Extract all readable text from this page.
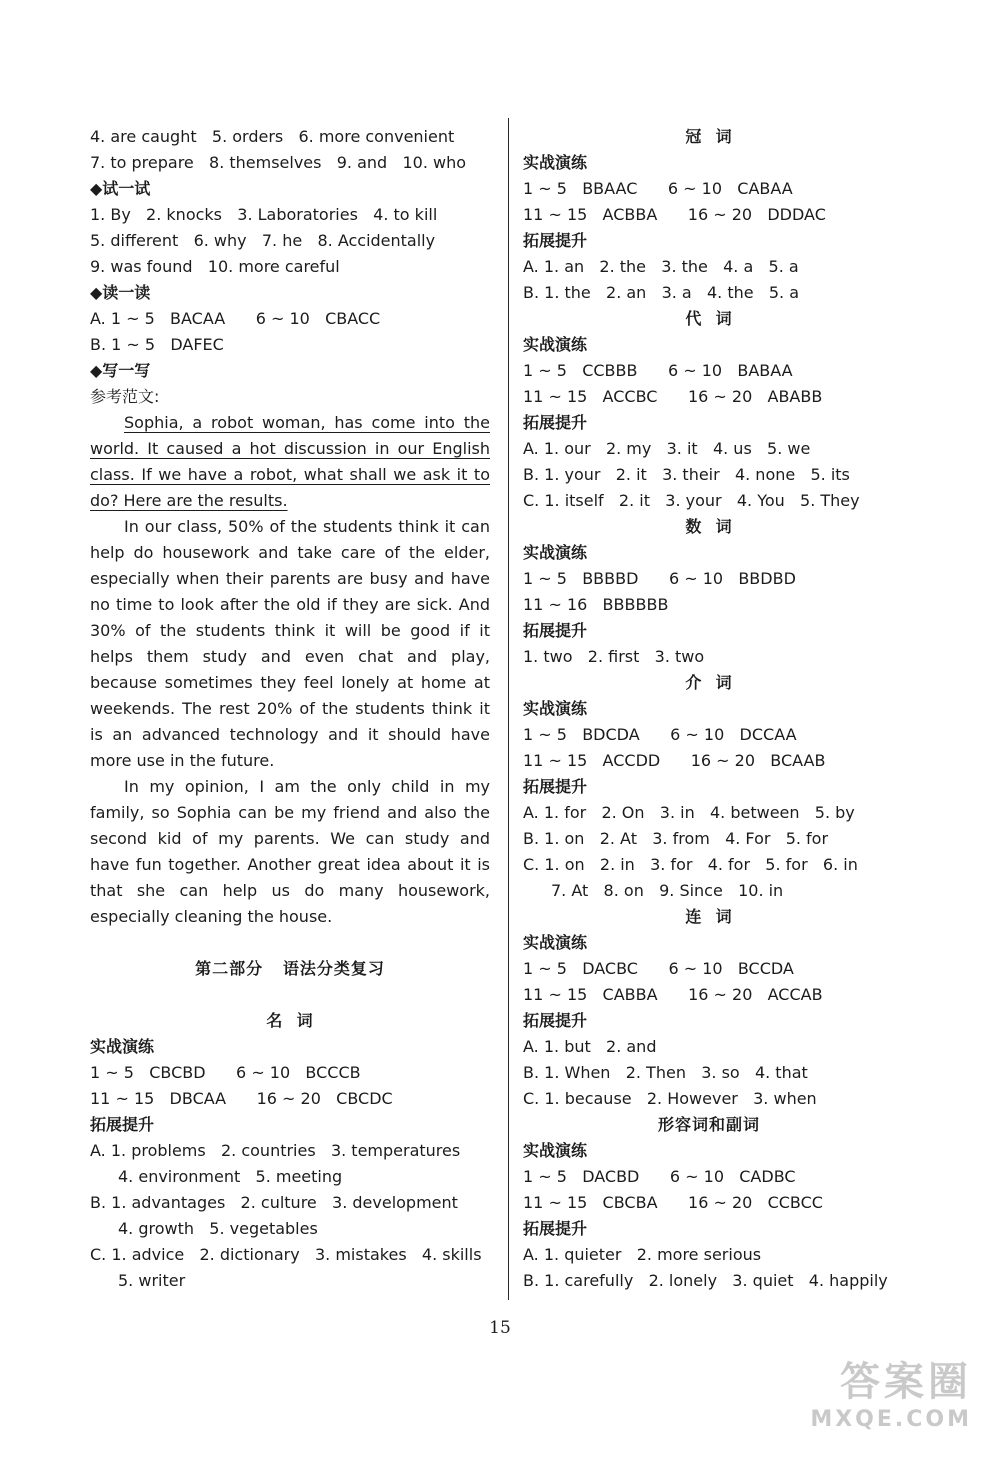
4. are caught   5. orders   6. more convenient
7. to prepare   8. themselves   9. and   10. who
◆试一试
1. By   2. knocks   3. Laboratories   4. to kill
5. different   6. why   7. he   8. Accidentally
9. was found   10. more careful
◆读一读
A. 1 ~ 5   BACAA      6 ~ 10   CBACC
B. 1 ~ 5   DAFEC
◆写一写
参考范文:

Sophia, a robot woman, has come into the world. It caused a hot discussion in our English class. If we have a robot, what shall we ask it to do? Here are the results.

In our class, 50% of the students think it can help do housework and take care of the elder, especially when their parents are busy and have no time to look after the old if they are sick. And 30% of the students think it will be good if it helps them study and even chat and play, because sometimes they feel lonely at home at weekends. The rest 20% of the students think it is an advanced technology and it should have more use in the future.

In my opinion, I am the only child in my family, so Sophia can be my friend and also the second kid of my parents. We can study and have fun together. Another great idea about it is that she can help us do many housework, especially cleaning the house.

第二部分   语法分类复习
名  词
实战演练
1 ~ 5   CBCBD      6 ~ 10   BCCCB
11 ~ 15   DBCAA      16 ~ 20   CBCDC
拓展提升
A. 1. problems   2. countries   3. temperatures
4. environment   5. meeting
B. 1. advantages   2. culture   3. development
4. growth   5. vegetables
C. 1. advice   2. dictionary   3. mistakes   4. skills
5. writer
冠  词
实战演练
1 ~ 5   BBAAC      6 ~ 10   CABAA
11 ~ 15   ACBBA      16 ~ 20   DDDAC
拓展提升
A. 1. an   2. the   3. the   4. a   5. a
B. 1. the   2. an   3. a   4. the   5. a
代  词
实战演练
1 ~ 5   CCBBB      6 ~ 10   BABAA
11 ~ 15   ACCBC      16 ~ 20   ABABB
拓展提升
A. 1. our   2. my   3. it   4. us   5. we
B. 1. your   2. it   3. their   4. none   5. its
C. 1. itself   2. it   3. your   4. You   5. They
数  词
实战演练
1 ~ 5   BBBBD      6 ~ 10   BBDBD
11 ~ 16   BBBBBB
拓展提升
1. two   2. first   3. two
介  词
实战演练
1 ~ 5   BDCDA      6 ~ 10   DCCAA
11 ~ 15   ACCDD      16 ~ 20   BCAAB
拓展提升
A. 1. for   2. On   3. in   4. between   5. by
B. 1. on   2. At   3. from   4. For   5. for
C. 1. on   2. in   3. for   4. for   5. for   6. in
7. At   8. on   9. Since   10. in
连  词
实战演练
1 ~ 5   DACBC      6 ~ 10   BCCDA
11 ~ 15   CABBA      16 ~ 20   ACCAB
拓展提升
A. 1. but   2. and
B. 1. When   2. Then   3. so   4. that
C. 1. because   2. However   3. when
形容词和副词
实战演练
1 ~ 5   DACBD      6 ~ 10   CADBC
11 ~ 15   CBCBA      16 ~ 20   CCBCC
拓展提升
A. 1. quieter   2. more serious
B. 1. carefully   2. lonely   3. quiet   4. happily
15
答案圈
MXQE.COM
